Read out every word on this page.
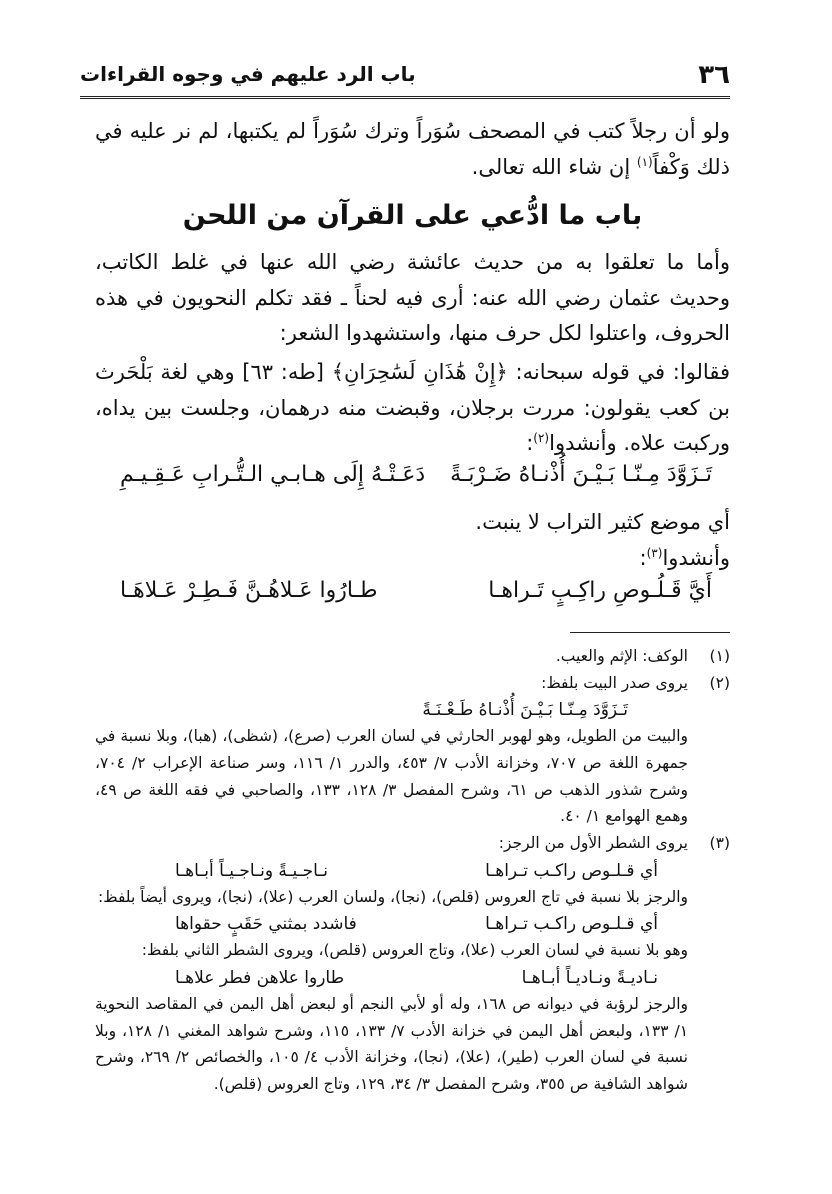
٣٦
باب الرد عليهم في وجوه القراءات

ولو أن رجلاً كتب في المصحف سُوَراً وترك سُوَراً لم يكتبها، لم نر عليه في ذلك وَكْفاً$^{(١)}$ إن شاء الله تعالى.

باب ما ادُّعي على القرآن من اللحن

وأما ما تعلقوا به من حديث عائشة رضي الله عنها في غلط الكاتب، وحديث عثمان رضي الله عنه: أرى فيه لحناً ـ فقد تكلم النحويون في هذه الحروف، واعتلوا لكل حرف منها، واستشهدوا الشعر:

فقالوا: في قوله سبحانه: ﴿إِنْ هَٰذَانِ لَسَٰحِرَانِ﴾ [طه: ٦٣] وهي لغة بَلْحَرث بن كعب يقولون: مررت برجلان، وقبضت منه درهمان، وجلست بين يداه، وركبت علاه. وأنشدوا$^{(٢)}$:

تَـزَوَّدَ مِـنّـا بَـيْـنَ أُذْنـاهُ ضَـرْبَـةً
دَعَـتْـهُ إِلَى هـابـي الـتُّـرابِ عَـقِـيـمِ

أي موضع كثير التراب لا ينبت.

وأنشدوا$^{(٣)}$:

أَيَّ قَـلُـوصِ راكِـبٍ تَـراهـا
طـارُوا عَـلاهُـنَّ فَـطِـرْ عَـلاهَـا

(١)
الوكف: الإثم والعيب.

(٢)
يروى صدر البيت بلفظ:

تَـزَوَّدَ مِـنّـا بَـيْـنَ أُذْنـاهُ طَـعْـنَـةً

والبيت من الطويل، وهو لهوبر الحارثي في لسان العرب (صرع)، (شظى)، (هبا)، وبلا نسبة في جمهرة اللغة ص ٧٠٧، وخزانة الأدب ٧/ ٤٥٣، والدرر ١/ ١١٦، وسر صناعة الإعراب ٢/ ٧٠٤، وشرح شذور الذهب ص ٦١، وشرح المفصل ٣/ ١٢٨، ١٣٣، والصاحبي في فقه اللغة ص ٤٩، وهمع الهوامع ١/ ٤٠.

(٣)
يروى الشطر الأول من الرجز:

أي قـلـوص راكـب تـراهـا
نـاجـيـةً ونـاجـيـاً أبـاهـا

والرجز بلا نسبة في تاج العروس (قلص)، (نجا)، ولسان العرب (علا)، (نجا)، ويروى أيضاً بلفظ:

أي قـلـوص راكـب تـراهـا
فاشدد بمثني حَقَبٍ حقواها

وهو بلا نسبة في لسان العرب (علا)، وتاج العروس (قلص)، ويروى الشطر الثاني بلفظ:

نـاديـةً ونـاديـاً أبـاهـا
طاروا علاهن فطر علاهـا

والرجز لرؤبة في ديوانه ص ١٦٨، وله أو لأبي النجم أو لبعض أهل اليمن في المقاصد النحوية ١/ ١٣٣، ولبعض أهل اليمن في خزانة الأدب ٧/ ١٣٣، ١١٥، وشرح شواهد المغني ١/ ١٢٨، وبلا نسبة في لسان العرب (طير)، (علا)، (نجا)، وخزانة الأدب ٤/ ١٠٥، والخصائص ٢/ ٢٦٩، وشرح شواهد الشافية ص ٣٥٥، وشرح المفصل ٣/ ٣٤، ١٢٩، وتاج العروس (قلص).
